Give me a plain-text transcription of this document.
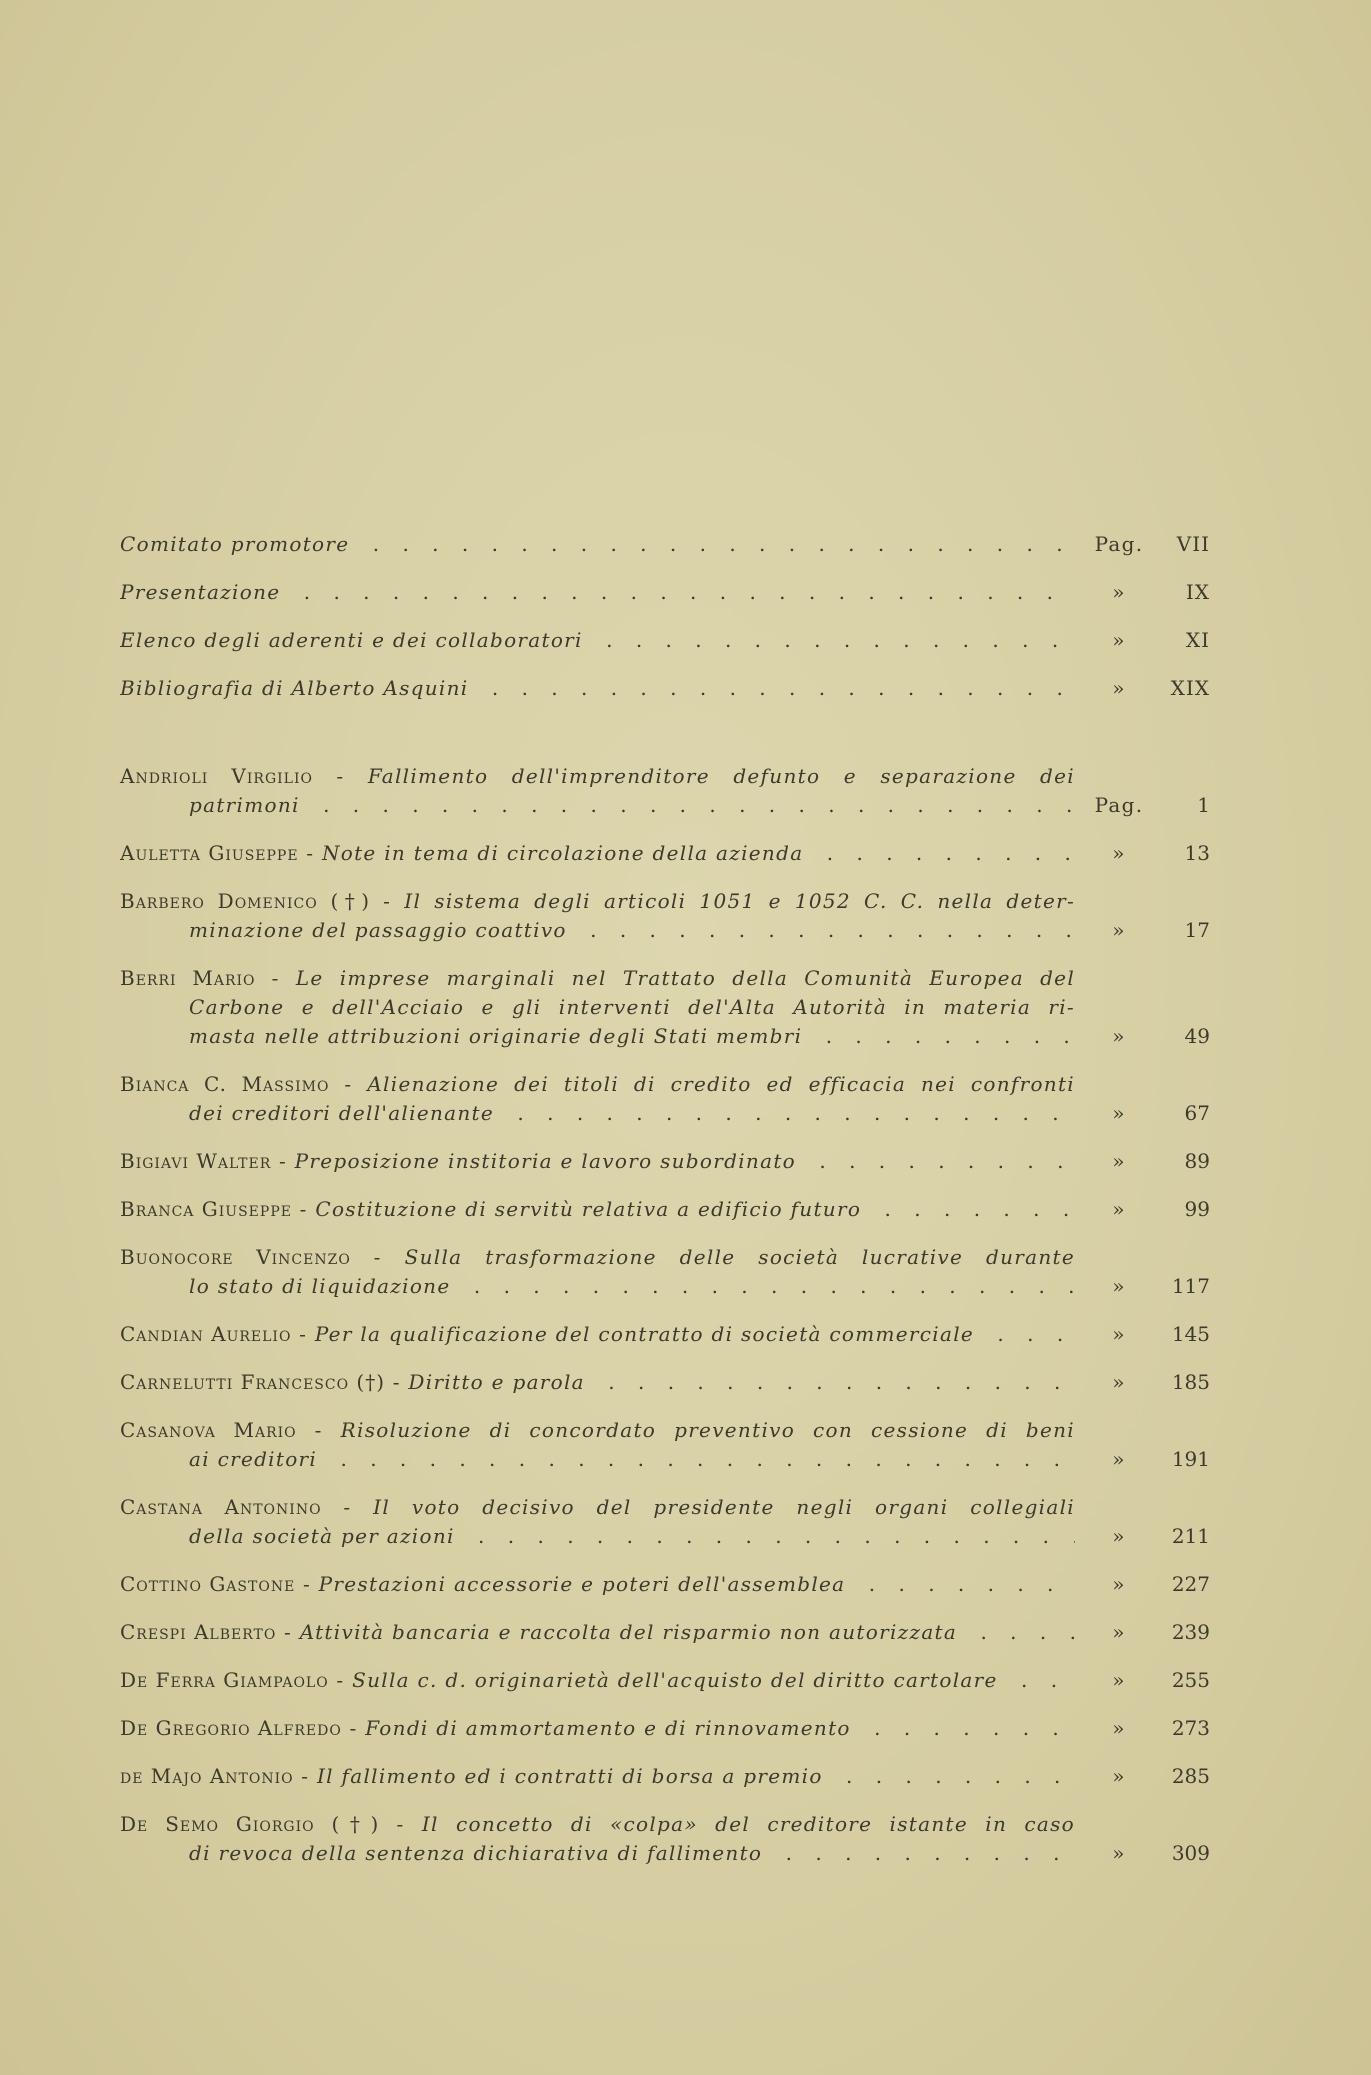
Comitato promotore . . .	Pag.	VII
Presentazione . . .	»	IX
Elenco degli aderenti e dei collaboratori . . .	»	XI
Bibliografia di Alberto Asquini . . .	»	XIX
Andrioli Virgilio - Fallimento dell'imprenditore defunto e separazione dei
patrimoni . . .	Pag.	1
Auletta Giuseppe - Note in tema di circolazione della azienda . . .	»	13
Barbero Domenico (†) - Il sistema degli articoli 1051 e 1052 C. C. nella deter-
minazione del passaggio coattivo . . .	»	17
Berri Mario - Le imprese marginali nel Trattato della Comunità Europea del
Carbone e dell'Acciaio e gli interventi del'Alta Autorità in materia ri-
masta nelle attribuzioni originarie degli Stati membri . . .	»	49
Bianca C. Massimo - Alienazione dei titoli di credito ed efficacia nei confronti
dei creditori dell'alienante . . .	»	67
Bigiavi Walter - Preposizione institoria e lavoro subordinato . . .	»	89
Branca Giuseppe - Costituzione di servitù relativa a edificio futuro . . .	»	99
Buonocore Vincenzo - Sulla trasformazione delle società lucrative durante
lo stato di liquidazione . . .	»	117
Candian Aurelio - Per la qualificazione del contratto di società commerciale . . .	»	145
Carnelutti Francesco (†) - Diritto e parola . . .	»	185
Casanova Mario - Risoluzione di concordato preventivo con cessione di beni
ai creditori . . .	»	191
Castana Antonino - Il voto decisivo del presidente negli organi collegiali
della società per azioni . . .	»	211
Cottino Gastone - Prestazioni accessorie e poteri dell'assemblea . . .	»	227
Crespi Alberto - Attività bancaria e raccolta del risparmio non autorizzata . . .	»	239
De Ferra Giampaolo - Sulla c. d. originarietà dell'acquisto del diritto cartolare . . .	»	255
De Gregorio Alfredo - Fondi di ammortamento e di rinnovamento . . .	»	273
de Majo Antonio - Il fallimento ed i contratti di borsa a premio . . .	»	285
De Semo Giorgio (†) - Il concetto di «colpa» del creditore istante in caso
di revoca della sentenza dichiarativa di fallimento . . .	»	309
